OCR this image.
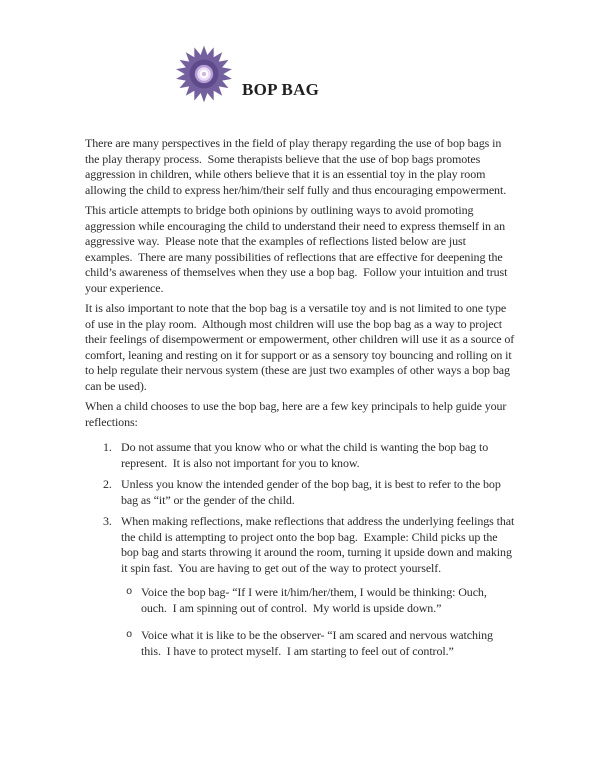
BOP BAG

There are many perspectives in the field of play therapy regarding the use of bop bags in the play therapy process.  Some therapists believe that the use of bop bags promotes aggression in children, while others believe that it is an essential toy in the play room allowing the child to express her/him/their self fully and thus encouraging empowerment.

This article attempts to bridge both opinions by outlining ways to avoid promoting aggression while encouraging the child to understand their need to express themself in an aggressive way.  Please note that the examples of reflections listed below are just examples.  There are many possibilities of reflections that are effective for deepening the child’s awareness of themselves when they use a bop bag.  Follow your intuition and trust your experience.

It is also important to note that the bop bag is a versatile toy and is not limited to one type of use in the play room.  Although most children will use the bop bag as a way to project their feelings of disempowerment or empowerment, other children will use it as a source of comfort, leaning and resting on it for support or as a sensory toy bouncing and rolling on it to help regulate their nervous system (these are just two examples of other ways a bop bag can be used).

When a child chooses to use the bop bag, here are a few key principals to help guide your reflections:

1. Do not assume that you know who or what the child is wanting the bop bag to represent.  It is also not important for you to know.
2. Unless you know the intended gender of the bop bag, it is best to refer to the bop bag as “it” or the gender of the child.
3. When making reflections, make reflections that address the underlying feelings that the child is attempting to project onto the bop bag.  Example: Child picks up the bop bag and starts throwing it around the room, turning it upside down and making it spin fast.  You are having to get out of the way to protect yourself.
o Voice the bop bag- “If I were it/him/her/them, I would be thinking: Ouch, ouch.  I am spinning out of control.  My world is upside down.”
o Voice what it is like to be the observer- “I am scared and nervous watching this.  I have to protect myself.  I am starting to feel out of control.”
